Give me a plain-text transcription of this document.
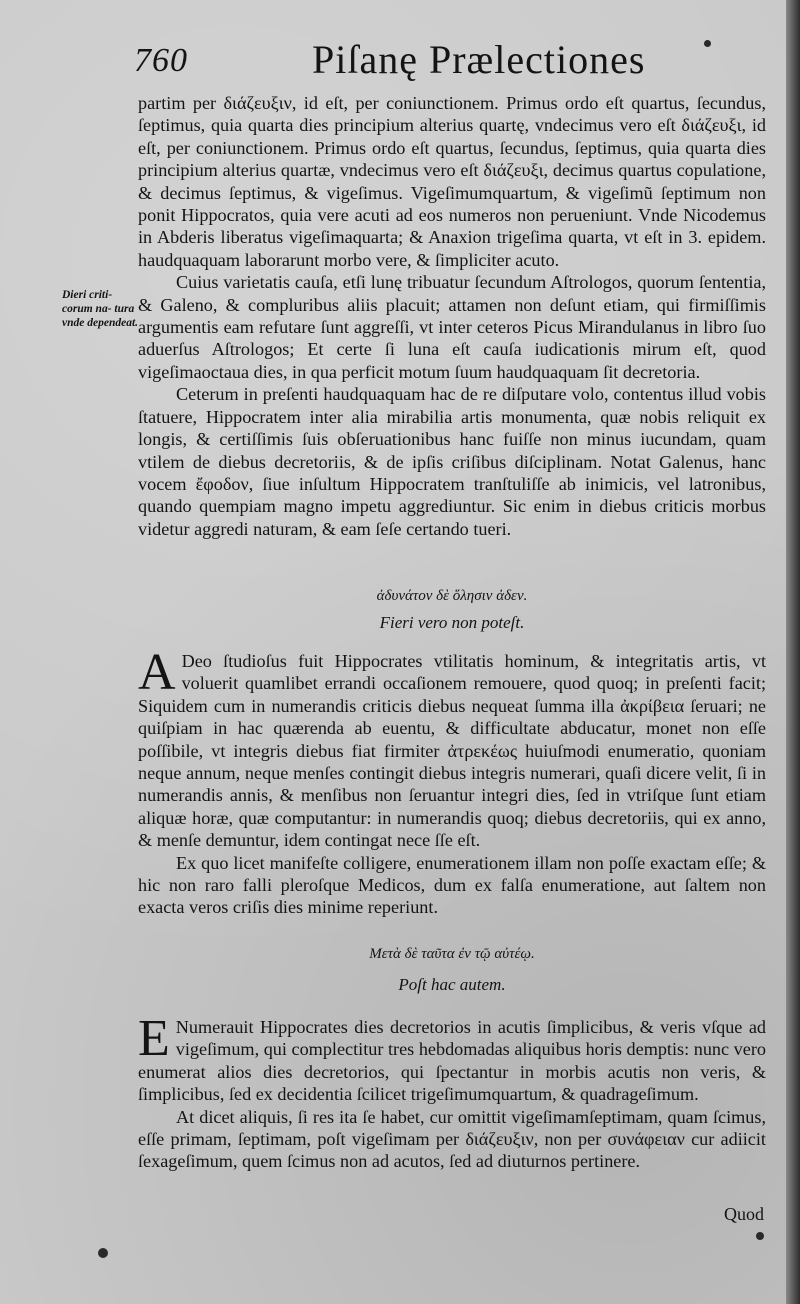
760	Piſanę Prælectiones
Dieri criti- corum na- tura vnde dependeat.

partim per διάζευξιν, id eſt, per coniunctionem. Primus ordo eſt quartus, ſecundus, ſeptimus, quia quarta dies principium alterius quartę, vndecimus vero eſt διάζευξι, id eſt, per coniunctionem. Primus ordo eſt quartus, ſecundus, ſeptimus, quia quarta dies principium alterius quartæ, vndecimus vero eſt διάζευξι, decimus quartus copulatione, & decimus ſeptimus, & vigeſimus. Vigeſimumquartum, & vigeſimũ ſeptimum non ponit Hippocratos, quia vere acuti ad eos numeros non perueniunt. Vnde Nicodemus in Abderis liberatus vigeſimaquarta; & Anaxion trigeſima quarta, vt eſt in 3. epidem. haudquaquam laborarunt morbo vere, & ſimpliciter acuto.

Cuius varietatis cauſa, etſi lunę tribuatur ſecundum Aſtrologos, quorum ſententia, & Galeno, & compluribus aliis placuit; attamen non deſunt etiam, qui firmiſſimis argumentis eam refutare ſunt aggreſſi, vt inter ceteros Picus Mirandulanus in libro ſuo aduerſus Aſtrologos; Et certe ſi luna eſt cauſa iudicationis mirum eſt, quod vigeſimaoctaua dies, in qua perficit motum ſuum haudquaquam ſit decretoria.

Ceterum in preſenti haudquaquam hac de re diſputare volo, contentus illud vobis ſtatuere, Hippocratem inter alia mirabilia artis monumenta, quæ nobis reliquit ex longis, & certiſſimis ſuis obſeruationibus hanc fuiſſe non minus iucundam, quam vtilem de diebus decretoriis, & de ipſis criſibus diſciplinam. Notat Galenus, hanc vocem ἔφοδον, ſiue inſultum Hippocratem tranſtuliſſe ab inimicis, vel latronibus, quando quempiam magno impetu aggrediuntur. Sic enim in diebus criticis morbus videtur aggredi naturam, & eam ſeſe certando tueri.

ἀδυνάτον δὲ ὅλησιν ἀδεν.

Fieri vero non poteſt.

A Deo ſtudioſus fuit Hippocrates vtilitatis hominum, & integritatis artis, vt voluerit quamlibet errandi occaſionem remouere, quod quoq; in preſenti facit; Siquidem cum in numerandis criticis diebus nequeat ſumma illa ἀκρίβεια ſeruari; ne quiſpiam in hac quærenda ab euentu, & difficultate abducatur, monet non eſſe poſſibile, vt integris diebus fiat firmiter ἀτρεκέως huiuſmodi enumeratio, quoniam neque annum, neque menſes contingit diebus integris numerari, quaſi dicere velit, ſi in numerandis annis, & menſibus non ſeruantur integri dies, ſed in vtriſque ſunt etiam aliquæ horæ, quæ computantur: in numerandis quoq; diebus decretoriis, qui ex anno, & menſe demuntur, idem contingat nece ſſe eſt.

Ex quo licet manifeſte colligere, enumerationem illam non poſſe exactam eſſe; & hic non raro falli pleroſque Medicos, dum ex falſa enumeratione, aut ſaltem non exacta veros criſis dies minime reperiunt.

Μετὰ δὲ ταῦτα ἐν τῷ αὐτέῳ.

Poſt hac autem.

E Numerauit Hippocrates dies decretorios in acutis ſimplicibus, & veris vſque ad vigeſimum, qui complectitur tres hebdomadas aliquibus horis demptis: nunc vero enumerat alios dies decretorios, qui ſpectantur in morbis acutis non veris, & ſimplicibus, ſed ex decidentia ſcilicet trigeſimumquartum, & quadrageſimum.

At dicet aliquis, ſi res ita ſe habet, cur omittit vigeſimamſeptimam, quam ſcimus, eſſe primam, ſeptimam, poſt vigeſimam per διάζευξιν, non per συνάφειαν cur adiicit ſexageſimum, quem ſcimus non ad acutos, ſed ad diuturnos pertinere.

Quod
